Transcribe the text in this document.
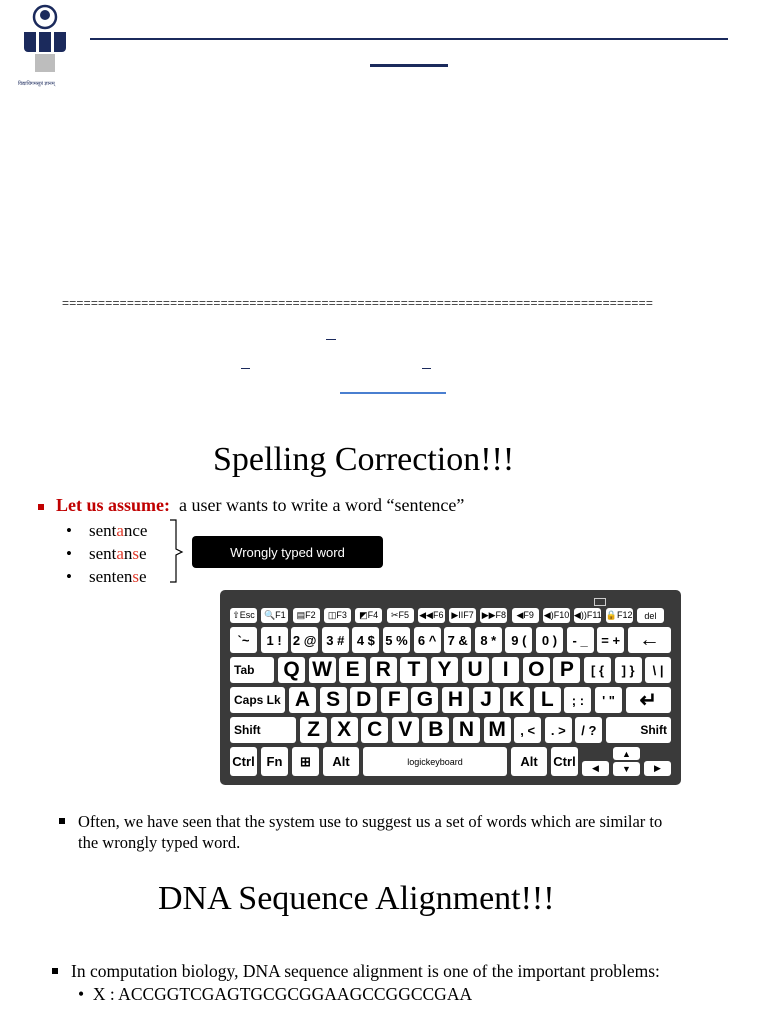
विद्याधिगमसूत्रं ज्ञानम्
==================================================================================
Spelling Correction!!!
Let us assume: a user wants to write a word “sentence”
•    sentance
•    sentanse
•    sentense
Wrongly typed word
⇧Esc 🔍F1	▤F2	◫F3	◩F4	✂F5	◀◀F6 ▶IIF7 ▶▶F8	◀F9	◀)F10 ◀))F11 🔒F12	del
`~	1 ! 2 @ 3 # 4 $ 5 % 6 ^ 7 & 8 *	9 (	0 )	- _	= + ←
Tab	Q W E R T Y U I O P	[ {	] }	\ |
Caps Lk A S D F G H J K L	; :	' "	↵
Shift	Z X C V B N M	, <	. >	/ ?	Shift
Ctrl Fn	⊞	Alt	logickeyboard	Alt	Ctrl	◀
▲
▼	▶
Often, we have seen that the system use to suggest us a set of words which are similar to the wrongly typed word.
DNA Sequence Alignment!!!
In computation biology, DNA sequence alignment is one of the important problems:
•  X : ACCGGTCGAGTGCGCGGAAGCCGGCCGAA
